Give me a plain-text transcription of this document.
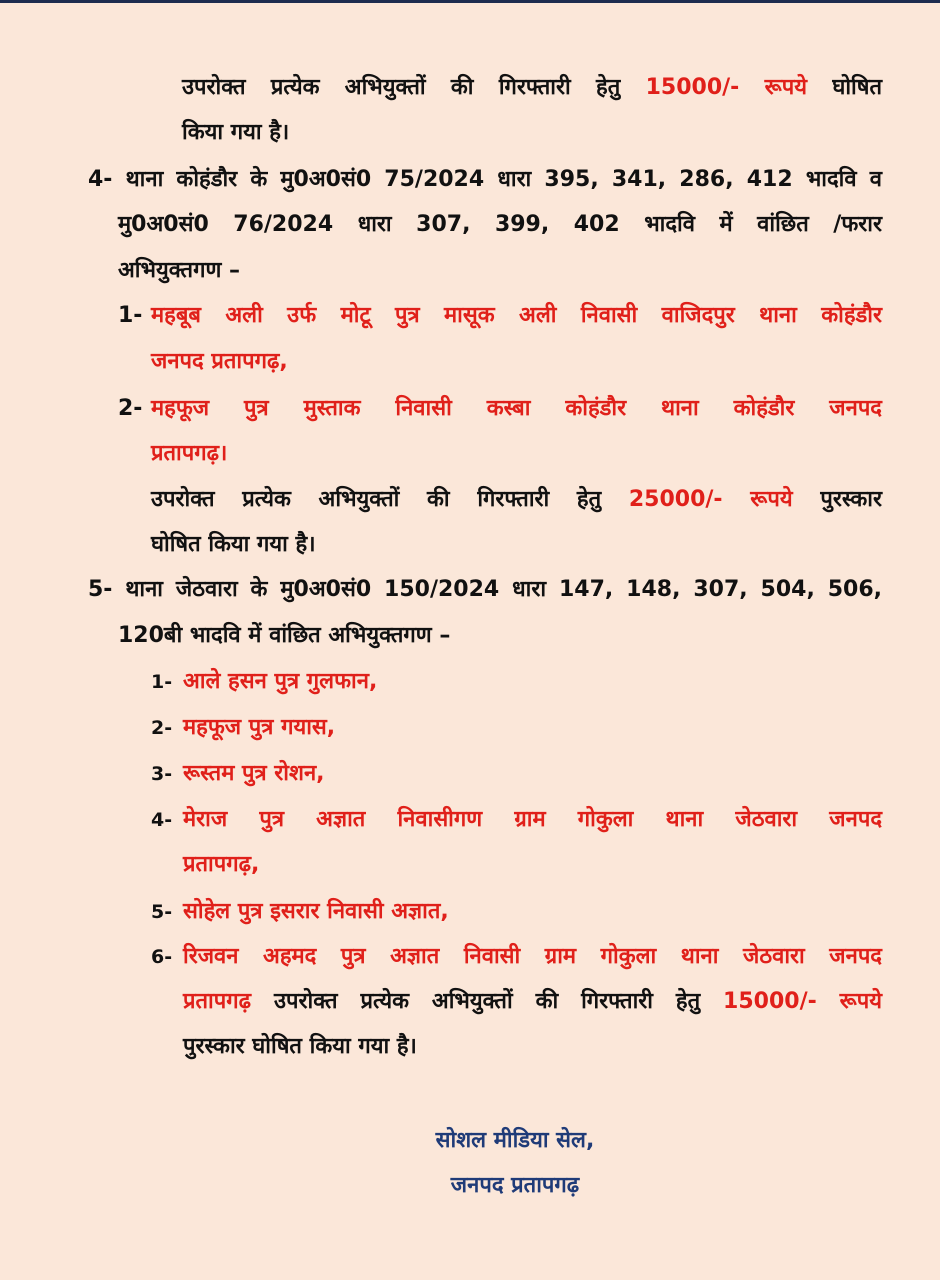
उपरोक्त प्रत्येक अभियुक्तों की गिरफ्तारी हेतु 15000/- रूपये घोषित

किया गया है।

4- थाना कोहंडौर के मु0अ0सं0 75/2024 धारा 395, 341, 286, 412 भादवि व

मु0अ0सं0 76/2024 धारा 307, 399, 402 भादवि में वांछित /फरार

अभियुक्तगण –

1- महबूब अली उर्फ मोटू पुत्र मासूक अली निवासी वाजिदपुर थाना कोहंडौर

जनपद प्रतापगढ़,

2- महफूज पुत्र मुस्ताक निवासी कस्बा कोहंडौर थाना कोहंडौर जनपद

प्रतापगढ़।

उपरोक्त प्रत्येक अभियुक्तों की गिरफ्तारी हेतु 25000/- रूपये पुरस्कार

घोषित किया गया है।

5- थाना जेठवारा के मु0अ0सं0 150/2024 धारा 147, 148, 307, 504, 506,

120बी भादवि में वांछित अभियुक्तगण –

1- आले हसन पुत्र गुलफान,

2- महफूज पुत्र गयास,

3- रूस्तम पुत्र रोशन,

4- मेराज पुत्र अज्ञात निवासीगण ग्राम गोकुला थाना जेठवारा जनपद

प्रतापगढ़,

5- सोहेल पुत्र इसरार निवासी अज्ञात,

6- रिजवन अहमद पुत्र अज्ञात निवासी ग्राम गोकुला थाना जेठवारा जनपद

प्रतापगढ़ उपरोक्त प्रत्येक अभियुक्तों की गिरफ्तारी हेतु 15000/- रूपये

पुरस्कार घोषित किया गया है।

सोशल मीडिया सेल,
जनपद प्रतापगढ़
